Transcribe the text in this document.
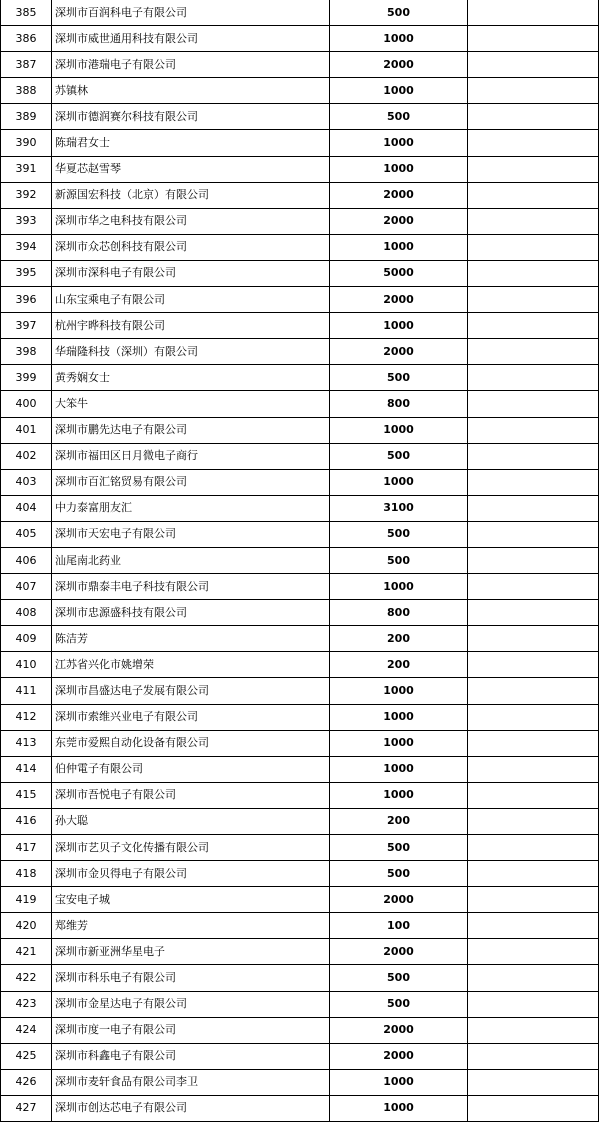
385	深圳市百润科电子有限公司	500	
386	深圳市威世通用科技有限公司	1000	
387	深圳市港瑞电子有限公司	2000	
388	苏镇林	1000	
389	深圳市德润赛尔科技有限公司	500	
390	陈瑞君女士	1000	
391	华夏芯赵雪琴	1000	
392	新源国宏科技（北京）有限公司	2000	
393	深圳市华之电科技有限公司	2000	
394	深圳市众芯创科技有限公司	1000	
395	深圳市深科电子有限公司	5000	
396	山东宝乘电子有限公司	2000	
397	杭州宇晔科技有限公司	1000	
398	华瑞隆科技（深圳）有限公司	2000	
399	黄秀娴女士	500	
400	大笨牛	800	
401	深圳市鹏先达电子有限公司	1000	
402	深圳市福田区日月微电子商行	500	
403	深圳市百汇铭贸易有限公司	1000	
404	中力泰富朋友汇	3100	
405	深圳市天宏电子有限公司	500	
406	汕尾南北药业	500	
407	深圳市鼎泰丰电子科技有限公司	1000	
408	深圳市忠源盛科技有限公司	800	
409	陈洁芳	200	
410	江苏省兴化市姚增荣	200	
411	深圳市昌盛达电子发展有限公司	1000	
412	深圳市索维兴业电子有限公司	1000	
413	东莞市爱熙自动化设备有限公司	1000	
414	伯仲電子有限公司	1000	
415	深圳市吾悦电子有限公司	1000	
416	孙大聪	200	
417	深圳市艺贝子文化传播有限公司	500	
418	深圳市金贝得电子有限公司	500	
419	宝安电子城	2000	
420	郑维芳	100	
421	深圳市新亚洲华星电子	2000	
422	深圳市科乐电子有限公司	500	
423	深圳市金星达电子有限公司	500	
424	深圳市度一电子有限公司	2000	
425	深圳市科鑫电子有限公司	2000	
426	深圳市麦轩食品有限公司李卫	1000	
427	深圳市创达芯电子有限公司	1000	
